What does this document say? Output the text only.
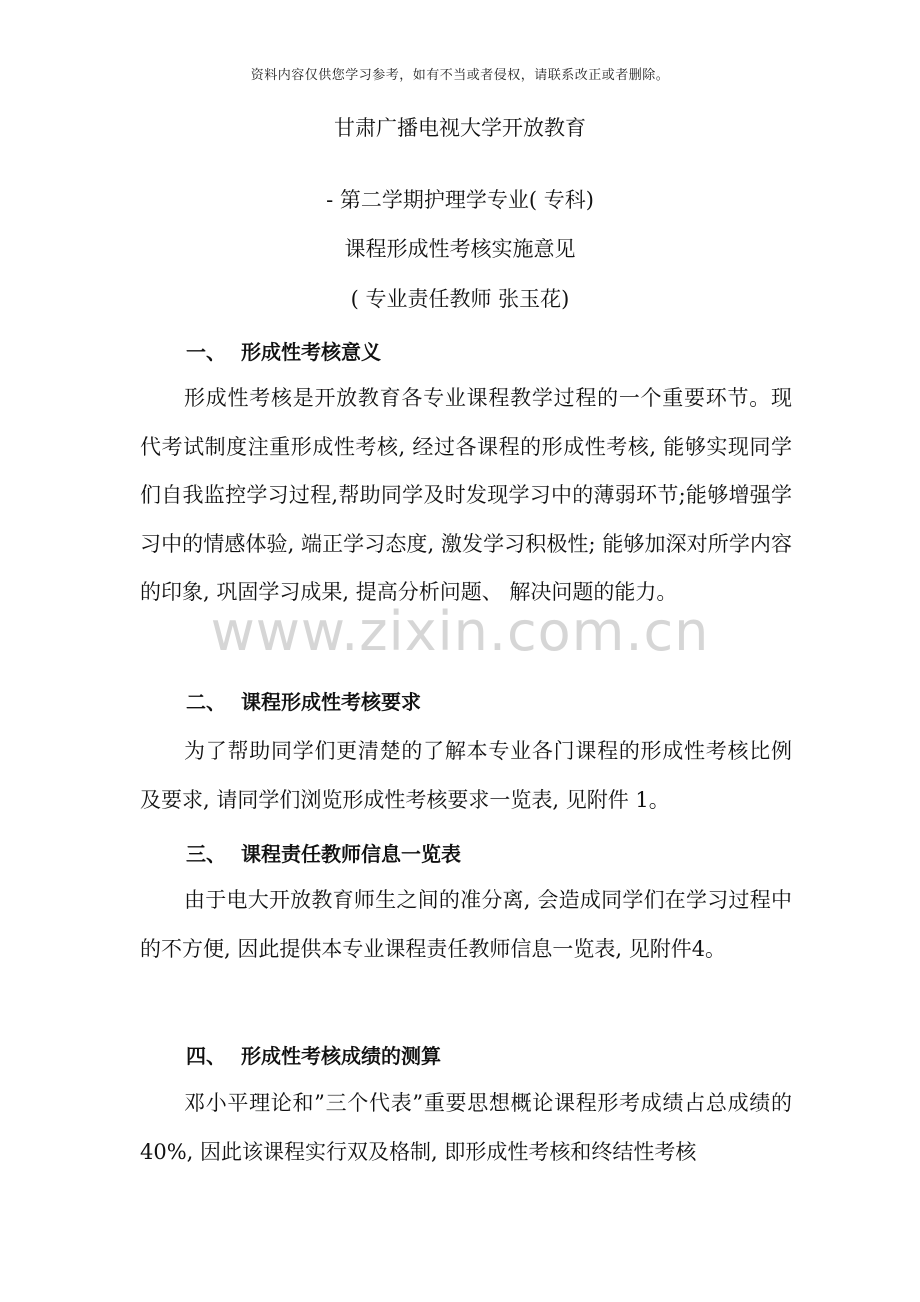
资料内容仅供您学习参考，如有不当或者侵权，请联系改正或者删除。
甘肃广播电视大学开放教育
- 第二学期护理学专业( 专科)
课程形成性考核实施意见
( 专业责任教师 张玉花)
www.zixin.com.cn
一、 形成性考核意义
形成性考核是开放教育各专业课程教学过程的一个重要环节。现代考试制度注重形成性考核, 经过各课程的形成性考核, 能够实现同学们自我监控学习过程,帮助同学及时发现学习中的薄弱环节;能够增强学习中的情感体验, 端正学习态度, 激发学习积极性; 能够加深对所学内容的印象, 巩固学习成果, 提高分析问题、 解决问题的能力。
二、 课程形成性考核要求
为了帮助同学们更清楚的了解本专业各门课程的形成性考核比例及要求, 请同学们浏览形成性考核要求一览表, 见附件 1。
三、 课程责任教师信息一览表
由于电大开放教育师生之间的准分离, 会造成同学们在学习过程中的不方便, 因此提供本专业课程责任教师信息一览表, 见附件4。
四、 形成性考核成绩的测算
邓小平理论和”三个代表”重要思想概论课程形考成绩占总成绩的 40%, 因此该课程实行双及格制, 即形成性考核和终结性考核
